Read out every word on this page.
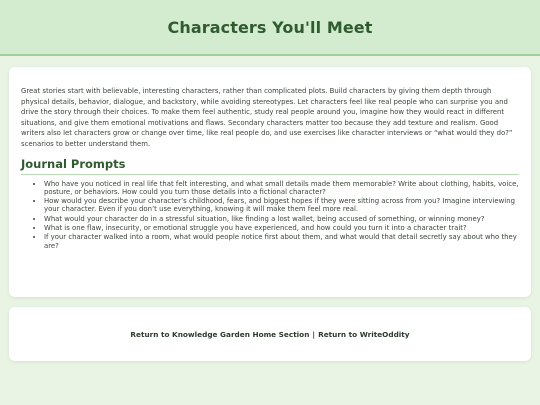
Characters You'll Meet

Great stories start with believable, interesting characters, rather than complicated plots. Build characters by giving them depth through physical details, behavior, dialogue, and backstory, while avoiding stereotypes. Let characters feel like real people who can surprise you and drive the story through their choices. To make them feel authentic, study real people around you, imagine how they would react in different situations, and give them emotional motivations and flaws. Secondary characters matter too because they add texture and realism. Good writers also let characters grow or change over time, like real people do, and use exercises like character interviews or “what would they do?” scenarios to better understand them.

Journal Prompts
• Who have you noticed in real life that felt interesting, and what small details made them memorable? Write about clothing, habits, voice, posture, or behaviors. How could you turn those details into a fictional character?
• How would you describe your character’s childhood, fears, and biggest hopes if they were sitting across from you? Imagine interviewing your character. Even if you don’t use everything, knowing it will make them feel more real.
• What would your character do in a stressful situation, like finding a lost wallet, being accused of something, or winning money?
• What is one flaw, insecurity, or emotional struggle you have experienced, and how could you turn it into a character trait?
• If your character walked into a room, what would people notice first about them, and what would that detail secretly say about who they are?
Return to Knowledge Garden Home Section | Return to WriteOddity
